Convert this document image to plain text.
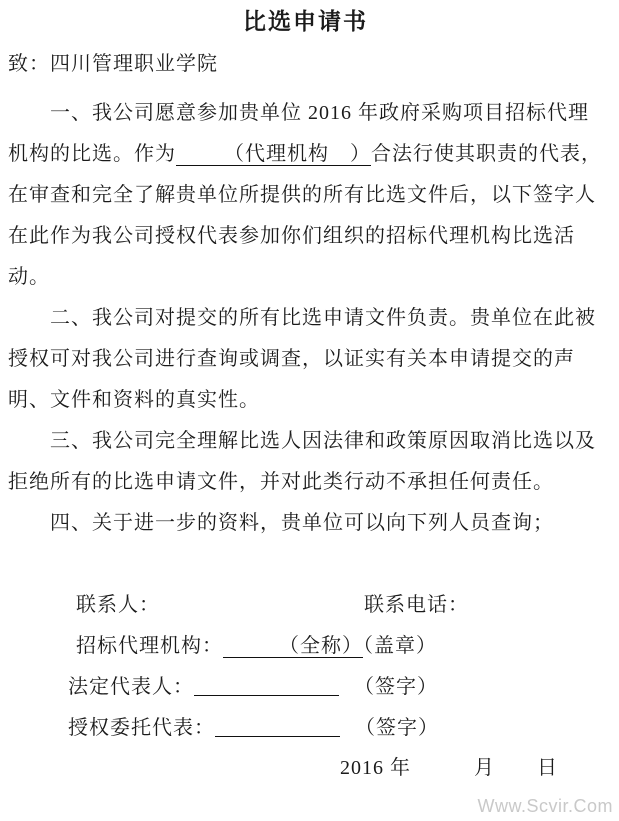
比选申请书
致：四川管理职业学院
　　一、我公司愿意参加贵单位 2016 年政府采购项目招标代理
机构的比选。作为 （代理机构　）合法行使其职责的代表，
在审查和完全了解贵单位所提供的所有比选文件后，以下签字人
在此作为我公司授权代表参加你们组织的招标代理机构比选活
动。
　　二、我公司对提交的所有比选申请文件负责。贵单位在此被
授权可对我公司进行查询或调查，以证实有关本申请提交的声
明、文件和资料的真实性。
　　三、我公司完全理解比选人因法律和政策原因取消比选以及
拒绝所有的比选申请文件，并对此类行动不承担任何责任。
　　四、关于进一步的资料，贵单位可以向下列人员查询；

联系人：	联系电话：

招标代理机构：	（全称）（盖章）

法定代表人：	（签字）

授权委托代表：	（签字）

2016 年　　　月　　日
Www.Scvir.Com
